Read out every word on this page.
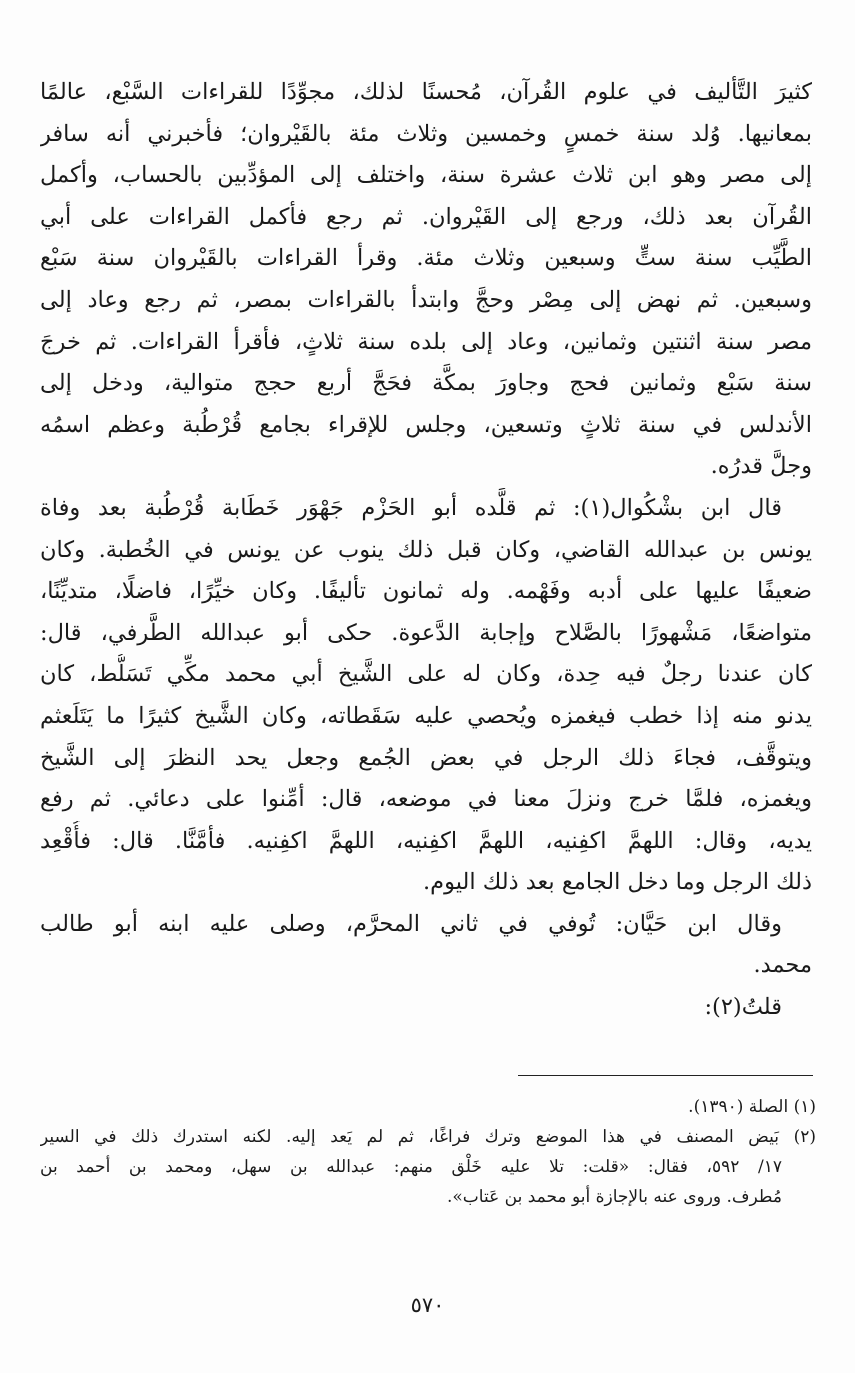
كثيرَ التَّأليف في علوم القُرآن، مُحسنًا لذلك، مجوِّدًا للقراءات السَّبْع، عالمًا
بمعانيها. وُلد سنة خمسٍ وخمسين وثلاث مئة بالقَيْروان؛ فأخبرني أنه سافر
إلى مصر وهو ابن ثلاث عشرة سنة، واختلف إلى المؤدِّبين بالحساب، وأكمل
القُرآن بعد ذلك، ورجع إلى القَيْروان. ثم رجع فأكمل القراءات على أبي
الطَّيِّب سنة ستٍّ وسبعين وثلاث مئة. وقرأ القراءات بالقَيْروان سنة سَبْع
وسبعين. ثم نهض إلى مِصْر وحجَّ وابتدأ بالقراءات بمصر، ثم رجع وعاد إلى
مصر سنة اثنتين وثمانين، وعاد إلى بلده سنة ثلاثٍ، فأقرأ القراءات. ثم خرجَ
سنة سَبْع وثمانين فحج وجاورَ بمكَّة فحَجَّ أربع حجج متوالية، ودخل إلى
الأندلس في سنة ثلاثٍ وتسعين، وجلس للإقراء بجامع قُرْطُبة وعظم اسمُه
وجلَّ قدرُه.
قال ابن بشْكُوال(١): ثم قلَّده أبو الحَزْم جَهْوَر خَطَابة قُرْطُبة بعد وفاة
يونس بن عبدالله القاضي، وكان قبل ذلك ينوب عن يونس في الخُطبة. وكان
ضعيفًا عليها على أدبه وفَهْمه. وله ثمانون تأليفًا. وكان خيِّرًا، فاضلًا، متديِّنًا،
متواضعًا، مَشْهورًا بالصَّلاح وإجابة الدَّعوة. حكى أبو عبدالله الطَّرفي، قال:
كان عندنا رجلٌ فيه حِدة، وكان له على الشَّيخ أبي محمد مكِّي تَسَلُّط، كان
يدنو منه إذا خطب فيغمزه ويُحصي عليه سَقَطاته، وكان الشَّيخ كثيرًا ما يَتَلَعثم
ويتوقَّف، فجاءَ ذلك الرجل في بعض الجُمع وجعل يحد النظرَ إلى الشَّيخ
ويغمزه، فلمَّا خرج ونزلَ معنا في موضعه، قال: أمِّنوا على دعائي. ثم رفع
يديه، وقال: اللهمَّ اكفِنيه، اللهمَّ اكفِنيه، اللهمَّ اكفِنيه. فأمَّنَّا. قال: فأُقْعِد
ذلك الرجل وما دخل الجامع بعد ذلك اليوم.
وقال ابن حَيَّان: تُوفي في ثاني المحرَّم، وصلى عليه ابنه أبو طالب
محمد.
قلتُ(٢):
(١) الصلة (١٣٩٠).
(٢) بَيض المصنف في هذا الموضع وترك فراغًا، ثم لم يَعد إليه. لكنه استدرك ذلك في السير
١٧/ ٥٩٢، فقال: «قلت: تلا عليه خَلْق منهم: عبدالله بن سهل، ومحمد بن أحمد بن
مُطرف. وروى عنه بالإجازة أبو محمد بن عَتاب».
٥٧٠
